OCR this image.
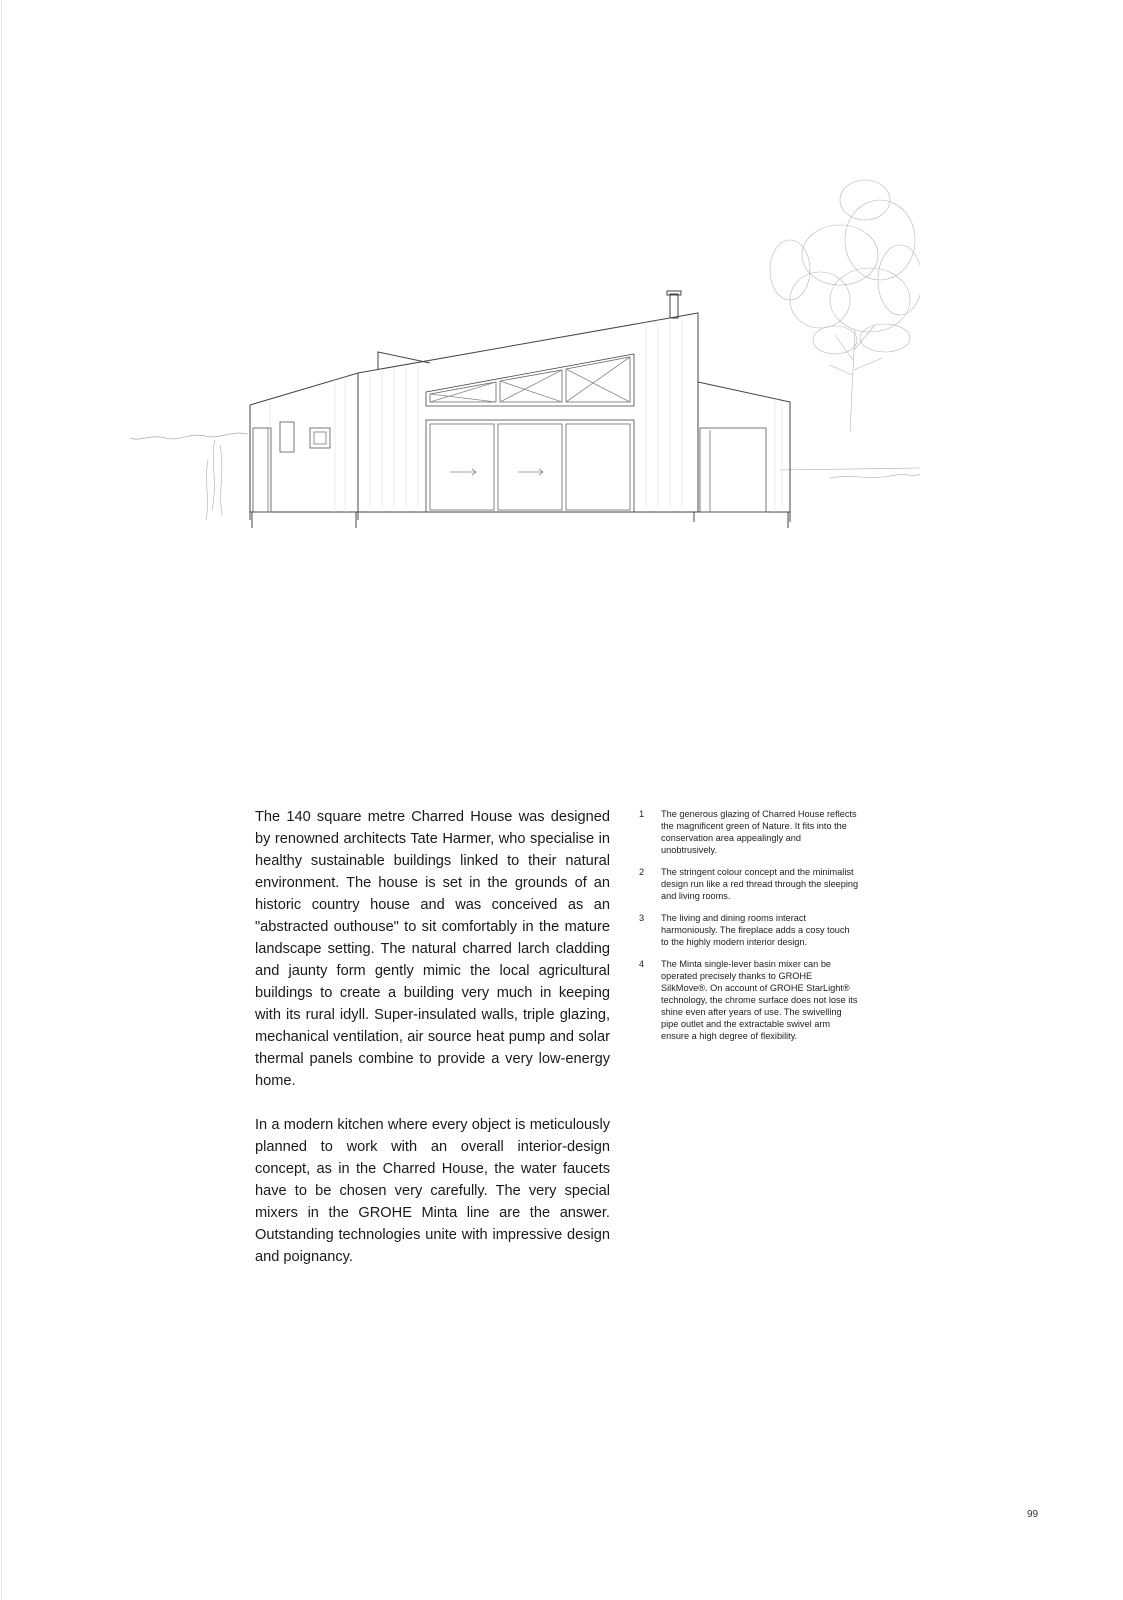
The 140 square metre Charred House was designed by renowned architects Tate Harmer, who specialise in healthy sustainable buildings linked to their natural environment. The house is set in the grounds of an historic country house and was conceived as an "abstracted outhouse" to sit comfortably in the mature landscape setting. The natural charred larch cladding and jaunty form gently mimic the local agricultural buildings to create a building very much in keeping with its rural idyll. Super-insulated walls, triple glazing, mechanical ventilation, air source heat pump and solar thermal panels combine to provide a very low-energy home.

In a modern kitchen where every object is meticulously planned to work with an overall interior-design concept, as in the Charred House, the water faucets have to be chosen very carefully. The very special mixers in the GROHE Minta line are the answer. Outstanding technologies unite with impressive design and poignancy.

1	The generous glazing of Charred House reflects the magnificent green of Nature. It fits into the conservation area appealingly and unobtrusively.
2	The stringent colour concept and the minimalist design run like a red thread through the sleeping and living rooms.
3	The living and dining rooms interact harmoniously. The fireplace adds a cosy touch to the highly modern interior design.
4	The Minta single-lever basin mixer can be operated precisely thanks to GROHE SilkMove®. On account of GROHE StarLight® technology, the chrome surface does not lose its shine even after years of use. The swivelling pipe outlet and the extractable swivel arm ensure a high degree of flexibility.
99
